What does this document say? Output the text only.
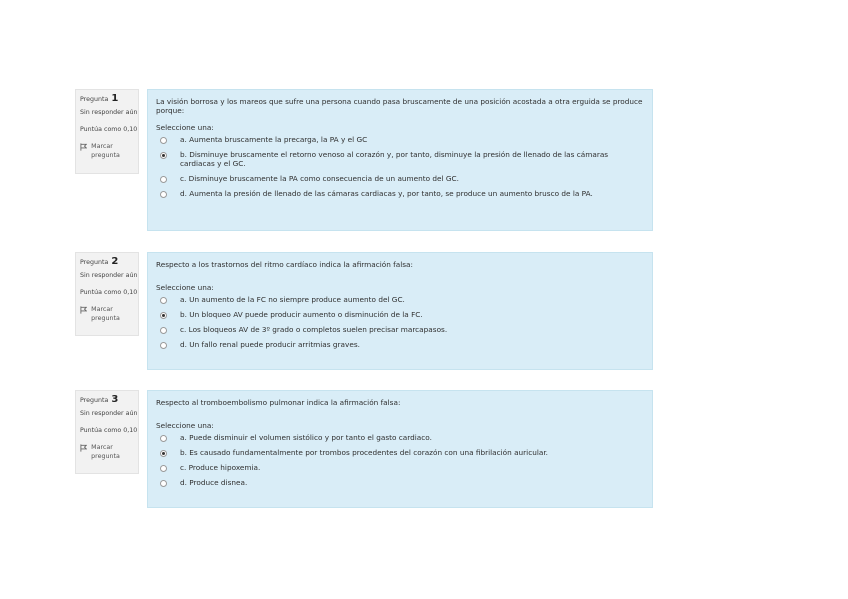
Pregunta 1
Sin responder aún
Puntúa como 0,10
Marcar pregunta
La visión borrosa y los mareos que sufre una persona cuando pasa bruscamente de una posición acostada a otra erguida se produce porque:
Seleccione una:
a. Aumenta bruscamente la precarga, la PA y el GC
b. Disminuye bruscamente el retorno venoso al corazón y, por tanto, disminuye la presión de llenado de las cámaras cardiacas y el GC.
c. Disminuye bruscamente la PA como consecuencia de un aumento del GC.
d. Aumenta la presión de llenado de las cámaras cardiacas y, por tanto, se produce un aumento brusco de la PA.
Pregunta 2
Sin responder aún
Puntúa como 0,10
Marcar pregunta
Respecto a los trastornos del ritmo cardíaco indica la afirmación falsa:
Seleccione una:
a. Un aumento de la FC no siempre produce aumento del GC.
b. Un bloqueo AV puede producir aumento o disminución de la FC.
c. Los bloqueos AV de 3º grado o completos suelen precisar marcapasos.
d. Un fallo renal puede producir arritmias graves.
Pregunta 3
Sin responder aún
Puntúa como 0,10
Marcar pregunta
Respecto al tromboembolismo pulmonar indica la afirmación falsa:
Seleccione una:
a. Puede disminuir el volumen sistólico y por tanto el gasto cardiaco.
b. Es causado fundamentalmente por trombos procedentes del corazón con una fibrilación auricular.
c. Produce hipoxemia.
d. Produce disnea.
